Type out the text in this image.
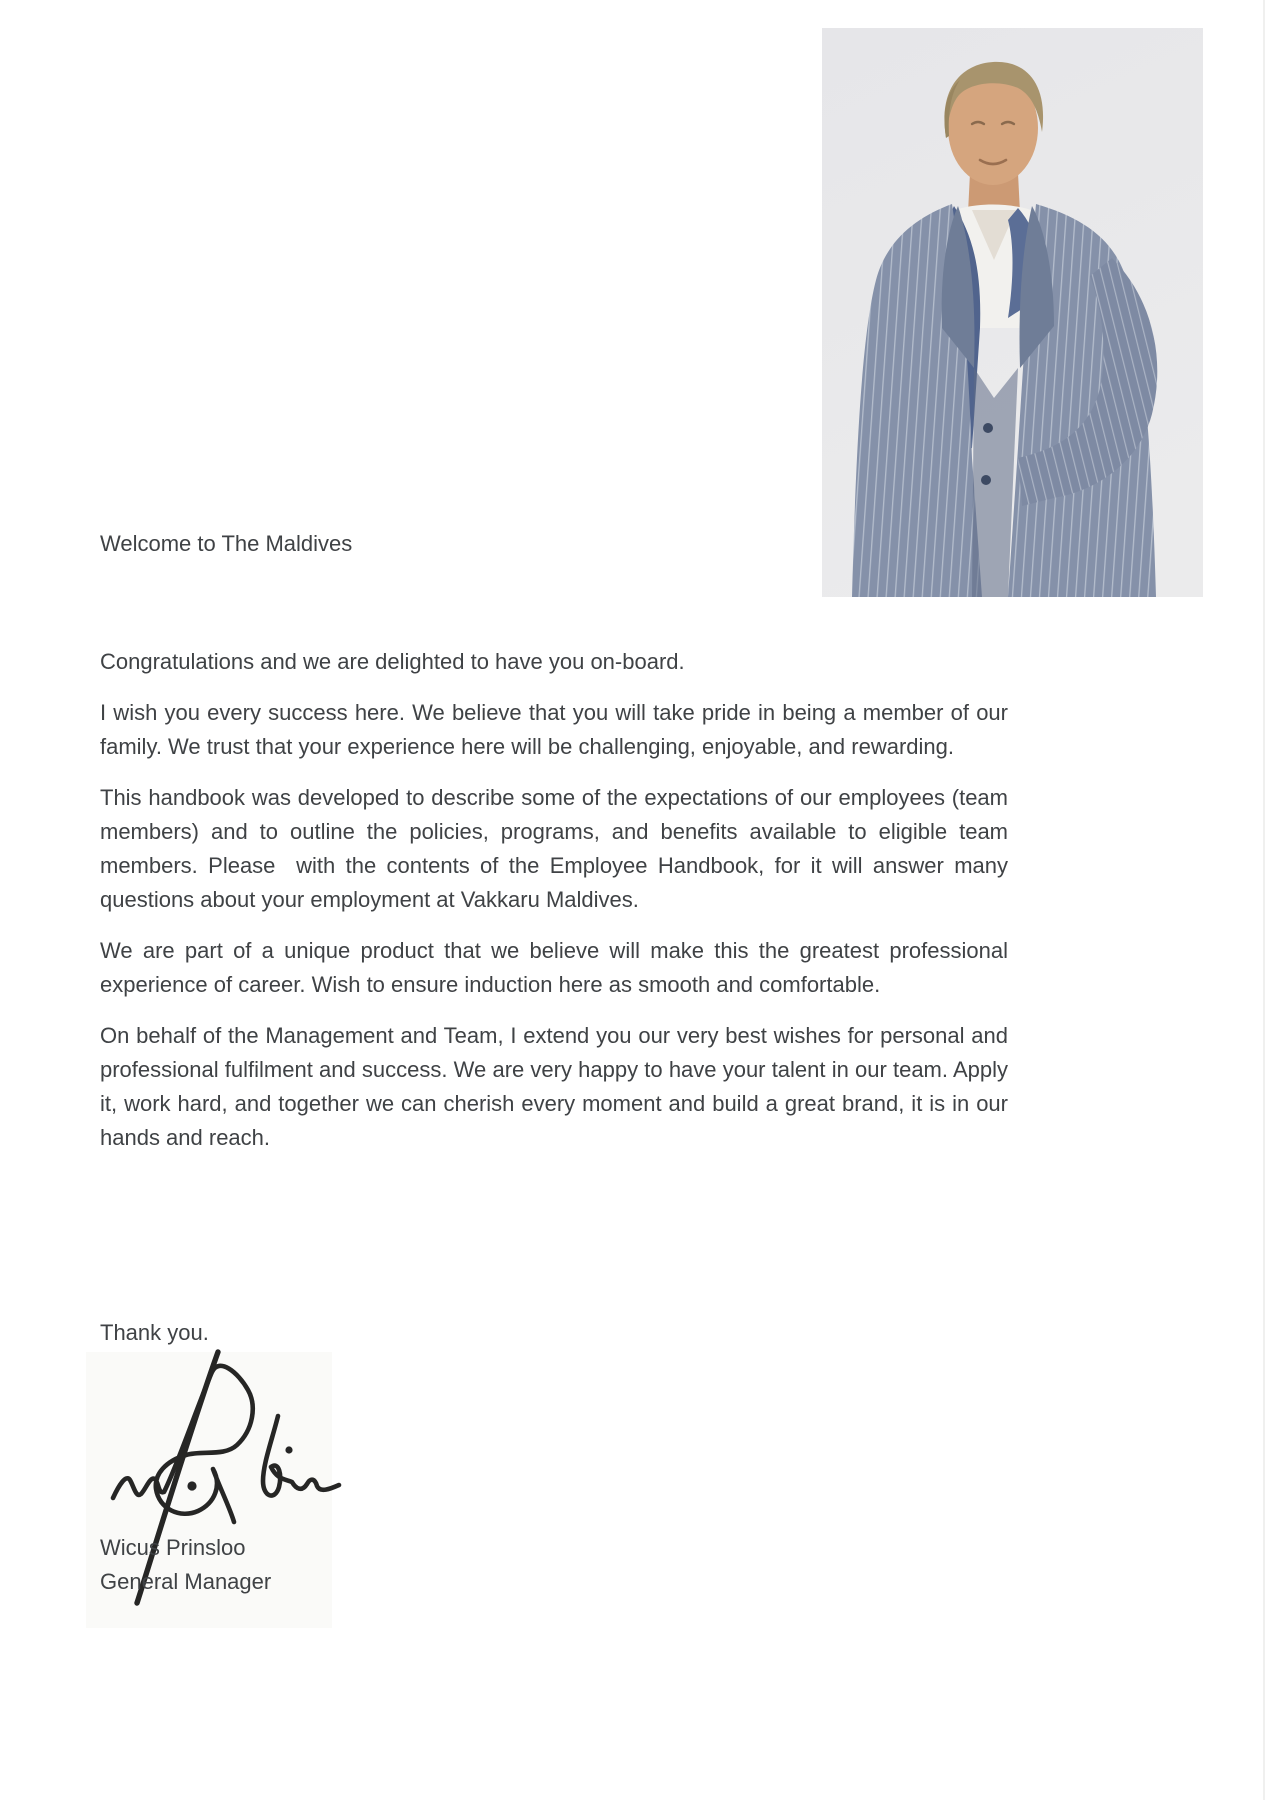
Welcome to The Maldives

Congratulations and we are delighted to have you on-board.

I wish you every success here. We believe that you will take pride in being a member of our family. We trust that your experience here will be challenging, enjoyable, and rewarding.

This handbook was developed to describe some of the expectations of our employees (team members) and to outline the policies, programs, and benefits available to eligible team members. Please  with the contents of the Employee Handbook, for it will answer many questions about your employment at Vakkaru Maldives.

We are part of a unique product that we believe will make this the greatest professional experience of career. Wish to ensure induction here as smooth and comfortable.

On behalf of the Management and Team, I extend you our very best wishes for personal and professional fulfilment and success. We are very happy to have your talent in our team. Apply it, work hard, and together we can cherish every moment and build a great brand, it is in our hands and reach.

Thank you.
Wicus Prinsloo
General Manager
